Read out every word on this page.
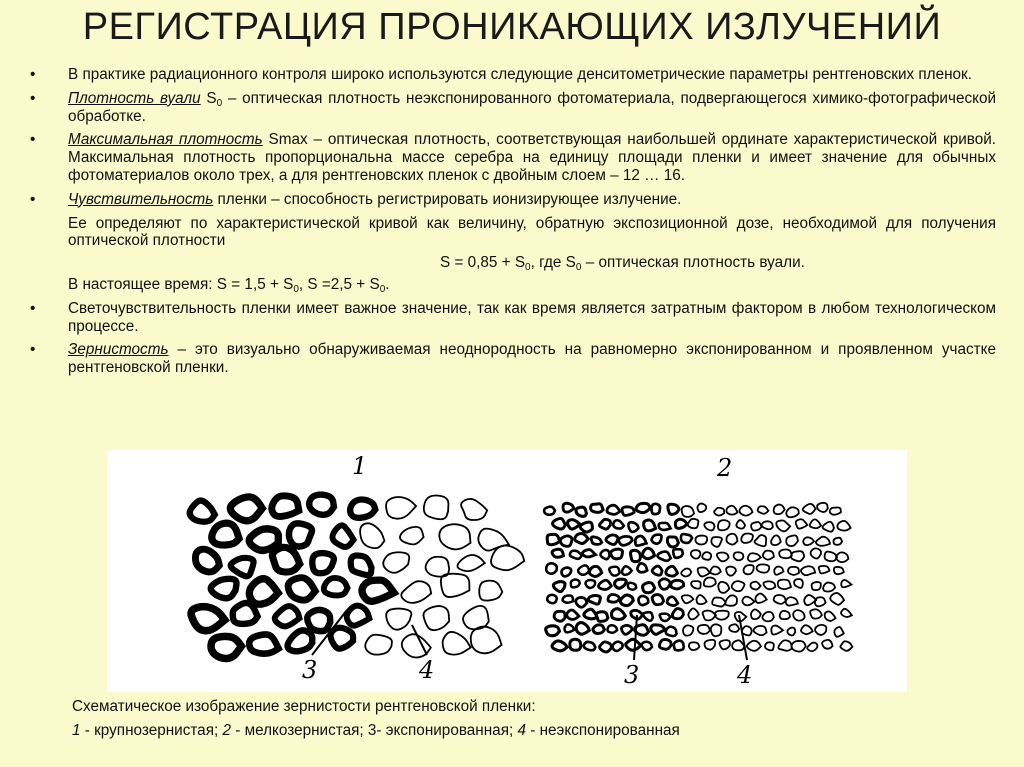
РЕГИСТРАЦИЯ ПРОНИКАЮЩИХ ИЗЛУЧЕНИЙ
• В практике радиационного контроля широко используются следующие денситометрические параметры рентгеновских пленок.
• Плотность вуали $S_0$ – оптическая плотность неэкспонированного фотоматериала, подвергающегося химико-фотографической обработке.
• Максимальная плотность Smax – оптическая плотность, соответствующая наибольшей ординате характеристической кривой. Максимальная плотность пропорциональна массе серебра на единицу площади пленки и имеет значение для обычных фотоматериалов около трех, а для рентгеновских пленок с двойным слоем – 12 … 16.
• Чувствительность пленки – способность регистрировать ионизирующее излучение.
Ее определяют по характеристической кривой как величину, обратную экспозиционной дозе, необходимой для получения оптической плотности
$S = 0,85 + S_0$, где $S_0$ – оптическая плотность вуали.
В настоящее время: $S = 1,5 + S_0$, $S =2,5 + S_0$.
• Светочувствительность пленки имеет важное значение, так как время является затратным фактором в любом технологическом процессе.
• Зернистость – это визуально обнаруживаемая неоднородность на равномерно экспонированном и проявленном участке рентгеновской пленки.
1	2
3	4	3	4
Схематическое изображение зернистости рентгеновской пленки:
1 - крупнозернистая; 2 - мелкозернистая; 3- экспонированная; 4 - неэкспонированная
